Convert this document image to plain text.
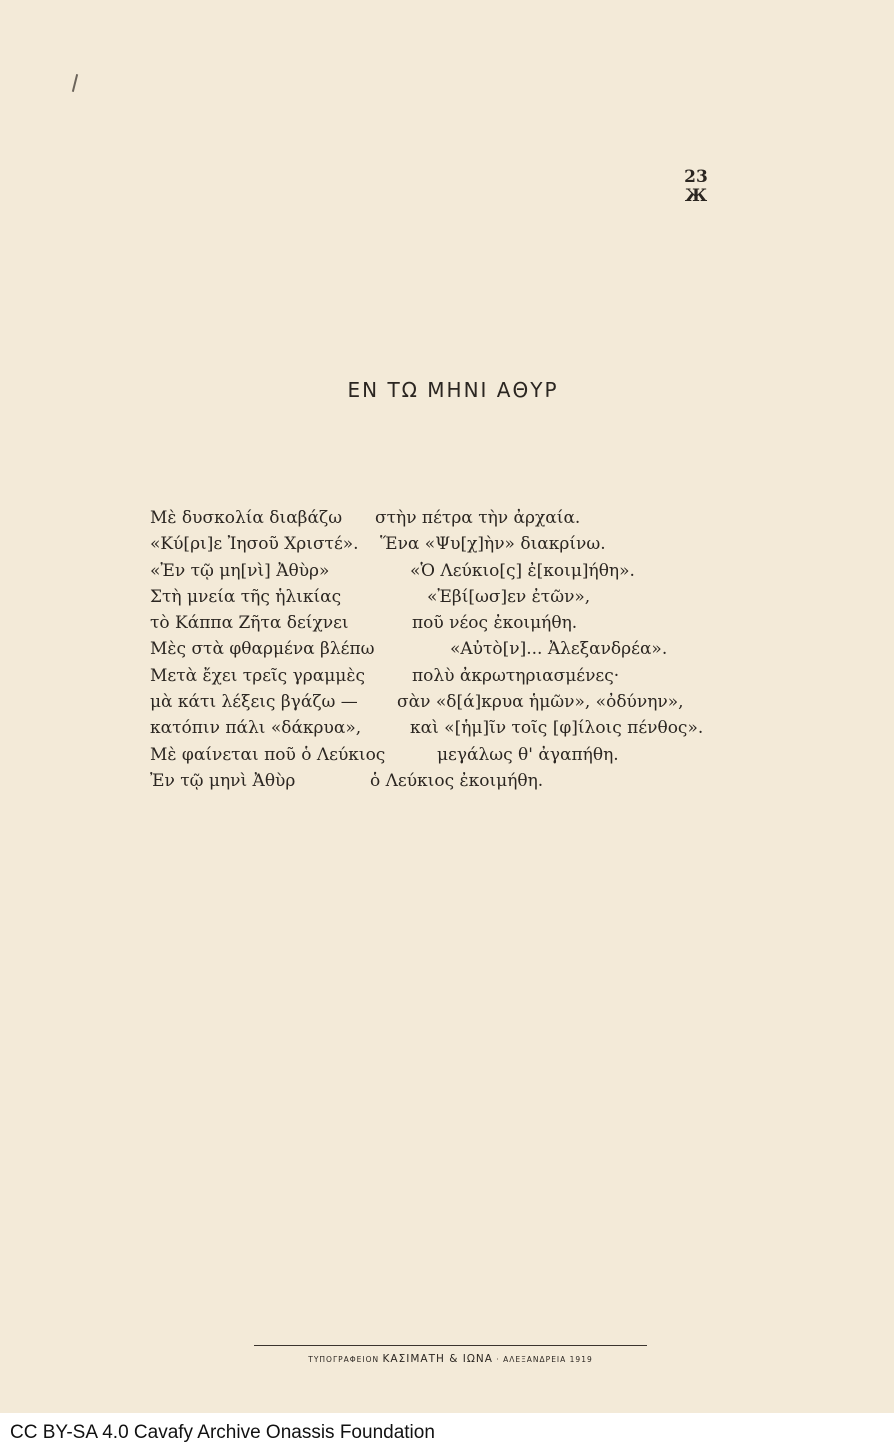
23
Ж
ΕΝ ΤΩ ΜΗΝΙ ΑΘΥΡ
Μὲ δυσκολία διαβάζω στὴν πέτρα τὴν ἀρχαία.
«Κύ[ρι]ε Ἰησοῦ Χριστέ». Ἕνα «Ψυ[χ]ὴν» διακρίνω.
«Ἐν τῷ μη[νὶ] Ἀθὺρ»	«Ὁ Λεύκιο[ς] ἐ[κοιμ]ήθη».
Στὴ μνεία τῆς ἡλικίας	«Ἐβί[ωσ]εν ἐτῶν»,
τὸ Κάππα Ζῆτα δείχνει	ποῦ νέος ἐκοιμήθη.
Μὲς στὰ φθαρμένα βλέπω	«Αὐτὸ[ν]... Ἀλεξανδρέα».
Μετὰ ἔχει τρεῖς γραμμὲς	πολὺ ἀκρωτηριασμένες·
μὰ κάτι λέξεις βγάζω — σὰν «δ[ά]κρυα ἡμῶν», «ὀδύνην»,
κατόπιν πάλι «δάκρυα»,	καὶ «[ἡμ]ῖν τοῖς [φ]ίλοις πένθος».
Μὲ φαίνεται ποῦ ὁ Λεύκιος	μεγάλως θ' ἀγαπήθη.
Ἐν τῷ μηνὶ Ἀθὺρ	ὁ Λεύκιος ἐκοιμήθη.
ΤΥΠΟΓΡΑΦΕΙΟΝ ΚΑΣΙΜΑΤΗ & ΙΩΝΑ · ΑΛΕΞΑΝΔΡΕΙΑ 1919
CC BY-SA 4.0 Cavafy Archive Onassis Foundation
